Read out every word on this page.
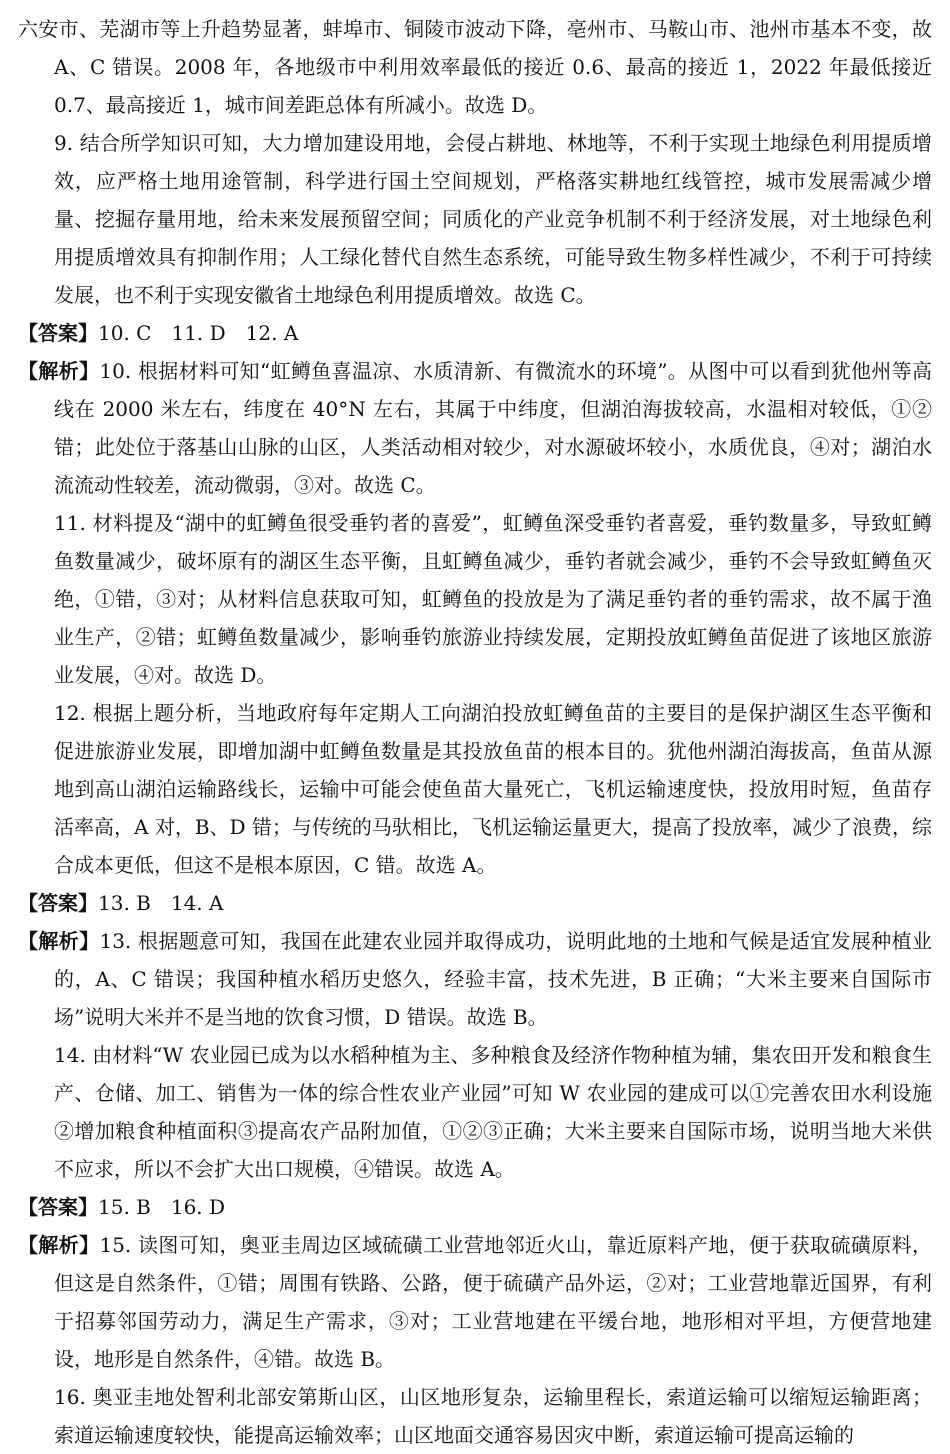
六安市、芜湖市等上升趋势显著，蚌埠市、铜陵市波动下降，亳州市、马鞍山市、池州市基本不变，故 A、C 错误。2008 年，各地级市中利用效率最低的接近 0.6、最高的接近 1，2022 年最低接近 0.7、最高接近 1，城市间差距总体有所减小。故选 D。

9. 结合所学知识可知，大力增加建设用地，会侵占耕地、林地等，不利于实现土地绿色利用提质增效，应严格土地用途管制，科学进行国土空间规划，严格落实耕地红线管控，城市发展需减少增量、挖掘存量用地，给未来发展预留空间；同质化的产业竞争机制不利于经济发展，对土地绿色利用提质增效具有抑制作用；人工绿化替代自然生态系统，可能导致生物多样性减少，不利于可持续发展，也不利于实现安徽省土地绿色利用提质增效。故选 C。

【答案】10. C　11. D　12. A

【解析】10. 根据材料可知“虹鳟鱼喜温凉、水质清新、有微流水的环境”。从图中可以看到犹他州等高线在 2000 米左右，纬度在 40°N 左右，其属于中纬度，但湖泊海拔较高，水温相对较低，①②错；此处位于落基山山脉的山区，人类活动相对较少，对水源破坏较小，水质优良，④对；湖泊水流流动性较差，流动微弱，③对。故选 C。

11. 材料提及“湖中的虹鳟鱼很受垂钓者的喜爱”，虹鳟鱼深受垂钓者喜爱，垂钓数量多，导致虹鳟鱼数量减少，破坏原有的湖区生态平衡，且虹鳟鱼减少，垂钓者就会减少，垂钓不会导致虹鳟鱼灭绝，①错，③对；从材料信息获取可知，虹鳟鱼的投放是为了满足垂钓者的垂钓需求，故不属于渔业生产，②错；虹鳟鱼数量减少，影响垂钓旅游业持续发展，定期投放虹鳟鱼苗促进了该地区旅游业发展，④对。故选 D。

12. 根据上题分析，当地政府每年定期人工向湖泊投放虹鳟鱼苗的主要目的是保护湖区生态平衡和促进旅游业发展，即增加湖中虹鳟鱼数量是其投放鱼苗的根本目的。犹他州湖泊海拔高，鱼苗从源地到高山湖泊运输路线长，运输中可能会使鱼苗大量死亡，飞机运输速度快，投放用时短，鱼苗存活率高，A 对，B、D 错；与传统的马驮相比，飞机运输运量更大，提高了投放率，减少了浪费，综合成本更低，但这不是根本原因，C 错。故选 A。

【答案】13. B　14. A

【解析】13. 根据题意可知，我国在此建农业园并取得成功，说明此地的土地和气候是适宜发展种植业的，A、C 错误；我国种植水稻历史悠久，经验丰富，技术先进，B 正确；“大米主要来自国际市场”说明大米并不是当地的饮食习惯，D 错误。故选 B。

14. 由材料“W 农业园已成为以水稻种植为主、多种粮食及经济作物种植为辅，集农田开发和粮食生产、仓储、加工、销售为一体的综合性农业产业园”可知 W 农业园的建成可以①完善农田水利设施②增加粮食种植面积③提高农产品附加值，①②③正确；大米主要来自国际市场，说明当地大米供不应求，所以不会扩大出口规模，④错误。故选 A。

【答案】15. B　16. D

【解析】15. 读图可知，奥亚圭周边区域硫磺工业营地邻近火山，靠近原料产地，便于获取硫磺原料，但这是自然条件，①错；周围有铁路、公路，便于硫磺产品外运，②对；工业营地靠近国界，有利于招募邻国劳动力，满足生产需求，③对；工业营地建在平缓台地，地形相对平坦，方便营地建设，地形是自然条件，④错。故选 B。

16. 奥亚圭地处智利北部安第斯山区，山区地形复杂，运输里程长，索道运输可以缩短运输距离；索道运输速度较快，能提高运输效率；山区地面交通容易因灾中断，索道运输可提高运输的
